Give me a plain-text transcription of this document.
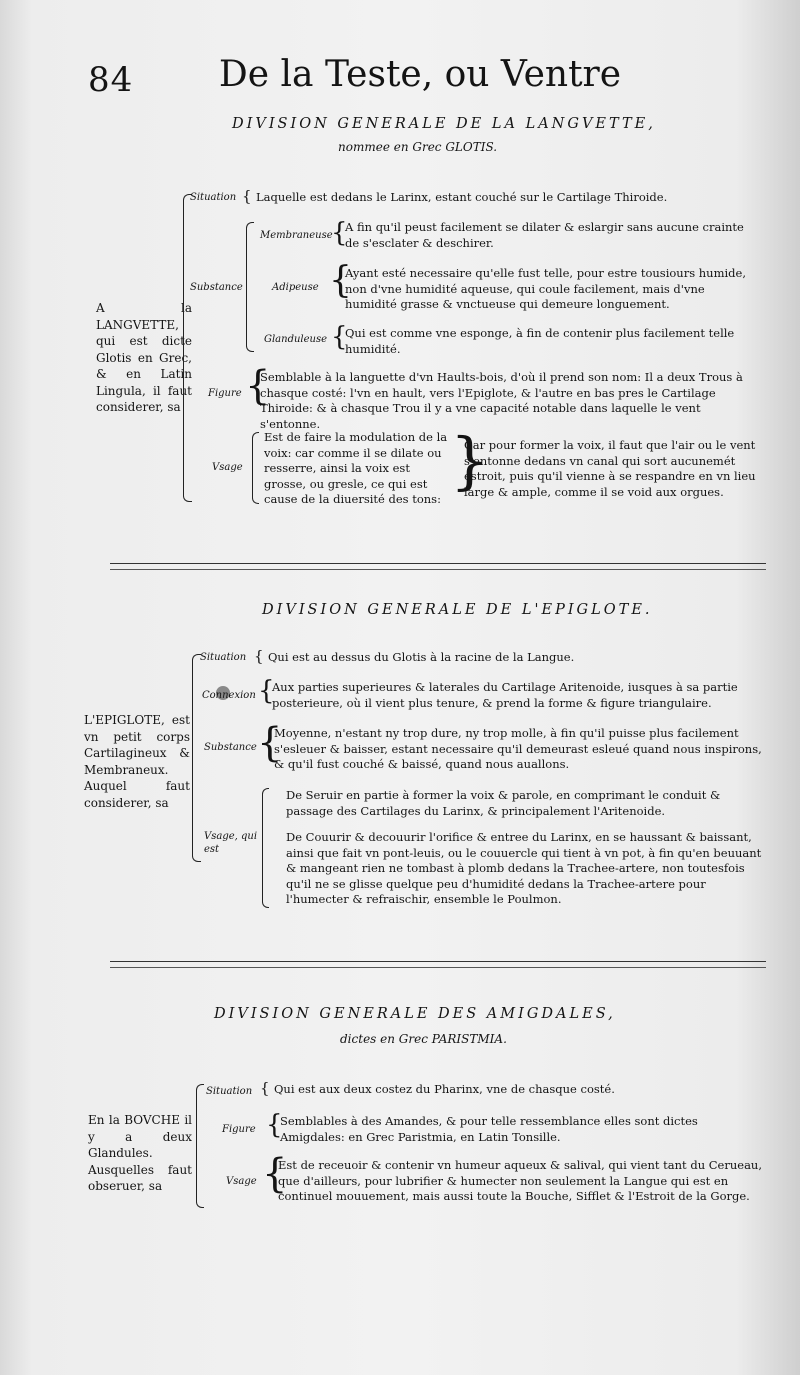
84	De la Teste, ou Ventre
DIVISION GENERALE DE LA LANGVETTE,
nommee en Grec GLOTIS.
A la LANGVETTE, qui est dicte Glotis en Grec, & en Latin Lingula, il faut considerer, sa
Situation { Laquelle est dedans le Larinx, estant couché sur le Cartilage Thiroide.
Substance
Membraneuse
{
A fin qu'il peust facilement se dilater & eslargir sans aucune crainte de s'esclater & deschirer.
Adipeuse {
Ayant esté necessaire qu'elle fust telle, pour estre tousiours humide, non d'vne humidité aqueuse, qui coule facilement, mais d'vne humidité grasse & vnctueuse qui demeure longuement.
Glanduleuse {
Qui est comme vne esponge, à fin de contenir plus facilement telle humidité.
Figure {
Semblable à la languette d'vn Haults-bois, d'où il prend son nom: Il a deux Trous à chasque costé: l'vn en hault, vers l'Epiglote, & l'autre en bas pres le Cartilage Thiroide: & à chasque Trou il y a vne capacité notable dans laquelle le vent s'entonne.
Vsage
Est de faire la modulation de la voix: car comme il se dilate ou resserre, ainsi la voix est grosse, ou gresle, ce qui est cause de la diuersité des tons:
}
Car pour former la voix, il faut que l'air ou le vent s'entonne dedans vn canal qui sort aucunemét estroit, puis qu'il vienne à se respandre en vn lieu large & ample, comme il se void aux orgues.
DIVISION GENERALE DE L'EPIGLOTE.
L'EPIGLOTE, est vn petit corps Cartilagineux & Membraneux. Auquel faut considerer, sa
Situation { Qui est au dessus du Glotis à la racine de la Langue.
Connexion {
Aux parties superieures & laterales du Cartilage Aritenoide, iusques à sa partie posterieure, où il vient plus tenure, & prend la forme & figure triangulaire.
Substance {
Moyenne, n'estant ny trop dure, ny trop molle, à fin qu'il puisse plus facilement s'esleuer & baisser, estant necessaire qu'il demeurast esleué quand nous inspirons, & qu'il fust couché & baissé, quand nous auallons.
Vsage, qui est
De Seruir en partie à former la voix & parole, en comprimant le conduit & passage des Cartilages du Larinx, & principalement l'Aritenoide.
De Couurir & decouurir l'orifice & entree du Larinx, en se haussant & baissant, ainsi que fait vn pont-leuis, ou le couuercle qui tient à vn pot, à fin qu'en beuuant & mangeant rien ne tombast à plomb dedans la Trachee-artere, non toutesfois qu'il ne se glisse quelque peu d'humidité dedans la Trachee-artere pour l'humecter & refraischir, ensemble le Poulmon.
DIVISION GENERALE DES AMIGDALES,
dictes en Grec PARISTMIA.
En la BOVCHE il y a deux Glandules. Ausquelles faut obseruer, sa
Situation { Qui est aux deux costez du Pharinx, vne de chasque costé.
Figure {
Semblables à des Amandes, & pour telle ressemblance elles sont dictes Amigdales: en Grec Paristmia, en Latin Tonsille.
Vsage {
Est de receuoir & contenir vn humeur aqueux & salival, qui vient tant du Cerueau, que d'ailleurs, pour lubrifier & humecter non seulement la Langue qui est en continuel mouuement, mais aussi toute la Bouche, Sifflet & l'Estroit de la Gorge.
